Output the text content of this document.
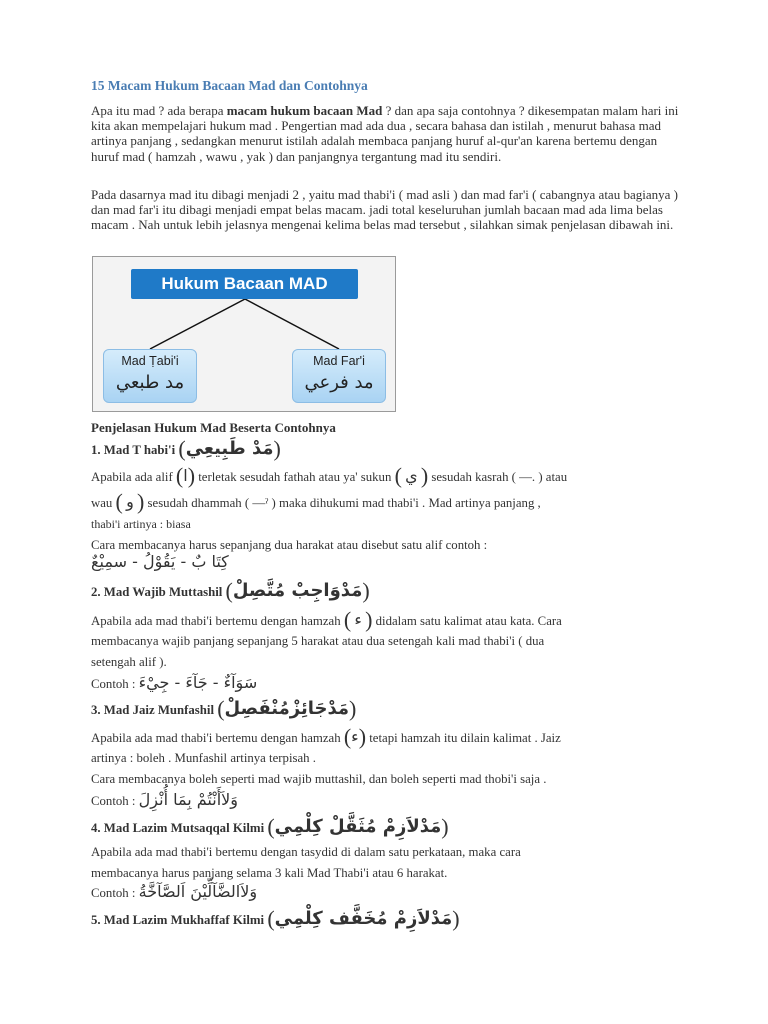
15 Macam Hukum Bacaan Mad dan Contohnya
Apa itu mad ? ada berapa macam hukum bacaan Mad ? dan apa saja contohnya ? dikesempatan malam hari ini kita akan mempelajari hukum mad . Pengertian mad ada dua , secara bahasa dan istilah , menurut bahasa mad artinya panjang , sedangkan menurut istilah adalah membaca panjang huruf al-qur'an karena bertemu dengan huruf mad ( hamzah , wawu , yak ) dan panjangnya tergantung mad itu sendiri.
Pada dasarnya mad itu dibagi menjadi 2 , yaitu mad thabi'i ( mad asli ) dan mad far'i ( cabangnya atau bagianya ) dan mad far'i itu dibagi menjadi empat belas macam. jadi total keseluruhan jumlah bacaan mad ada lima belas macam . Nah untuk lebih jelasnya mengenai kelima belas mad tersebut , silahkan simak penjelasan dibawah ini.
Hukum Bacaan MAD
Mad Ṭabi'i
مد طبعي
Mad Far'i
مد فرعي
Penjelasan Hukum Mad Beserta Contohnya
1. Mad T habi'i (مَدْ طَبِيعِي)
Apabila ada alif (ا) terletak sesudah fathah atau ya' sukun ( ي ) sesudah kasrah ( —. ) atau
wau ( و ) sesudah dhammah ( —ˀ ) maka dihukumi mad thabi'i . Mad artinya panjang ,
thabi'i artinya : biasa
Cara membacanya harus sepanjang dua harakat atau disebut satu alif contoh :
كِتَا بٌ - يَقُوْلُ - سمِيْعٌ
2. Mad Wajib Muttashil (مَدْوَاجِبْ مُتَّصِلْ)
Apabila ada mad thabi'i bertemu dengan hamzah ( ء ) didalam satu kalimat atau kata. Cara
membacanya wajib panjang sepanjang 5 harakat atau dua setengah kali mad thabi'i ( dua
setengah alif ).
Contoh : سَوَآءٌ - جَآءَ - جِيْءَ
3. Mad Jaiz Munfashil (مَدْجَائِزْمُنْفَصِلْ)
Apabila ada mad thabi'i bertemu dengan hamzah (ء) tetapi hamzah itu dilain kalimat . Jaiz
artinya : boleh . Munfashil artinya terpisah .
Cara membacanya boleh seperti mad wajib muttashil, dan boleh seperti mad thobi'i saja .
Contoh : وَلاَأَنْتُمْ بِمَا أُنْزِلَ
4. Mad Lazim Mutsaqqal Kilmi (مَدْلاَزِمْ مُثَقَّلْ كِلْمِي)
Apabila ada mad thabi'i bertemu dengan tasydid di dalam satu perkataan, maka cara
membacanya harus panjang selama 3 kali Mad Thabi'i atau 6 harakat.
Contoh : وَلاَالضَّآلِّيْنَ اَلصَّآخَّةُ
5. Mad Lazim Mukhaffaf Kilmi (مَدْلاَزِمْ مُخَفَّف كِلْمِي)
